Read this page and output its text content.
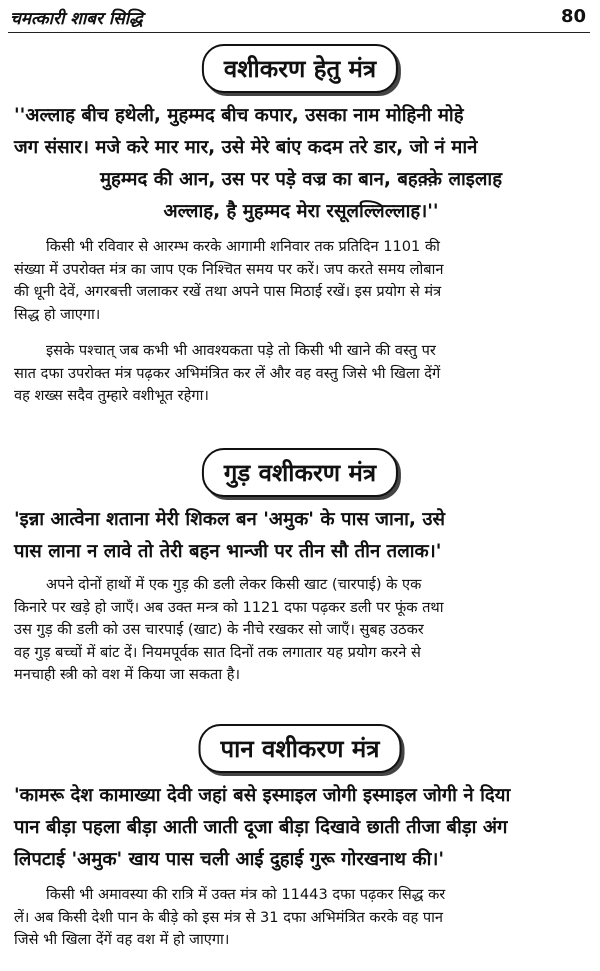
चमत्कारी शाबर सिद्धि	80
वशीकरण हेतु मंत्र
''अल्लाह बीच हथेली, मुहम्मद बीच कपार, उसका नाम मोहिनी मोहे
जग संसार। मजे करे मार मार, उसे मेरे बांए कदम तरे डार, जो नं माने
मुहम्मद की आन, उस पर पड़े वज्र का बान, बहक़्क़े लाइलाह
अल्लाह, है मुहम्मद मेरा रसूलल्लिल्लाह।''
किसी भी रविवार से आरम्भ करके आगामी शनिवार तक प्रतिदिन 1101 की
संख्या में उपरोक्त मंत्र का जाप एक निश्चित समय पर करें। जप करते समय लोबान
की धूनी देवें, अगरबत्ती जलाकर रखें तथा अपने पास मिठाई रखें। इस प्रयोग से मंत्र
सिद्ध हो जाएगा।
इसके पश्चात् जब कभी भी आवश्यकता पड़े तो किसी भी खाने की वस्तु पर
सात दफा उपरोक्त मंत्र पढ़कर अभिमंत्रित कर लें और वह वस्तु जिसे भी खिला देंगें
वह शख्स सदैव तुम्हारे वशीभूत रहेगा।
गुड़ वशीकरण मंत्र
'इन्ना आत्वेना शताना मेरी शिकल बन 'अमुक' के पास जाना, उसे
पास लाना न लावे तो तेरी बहन भान्जी पर तीन सौ तीन तलाक।'
अपने दोनों हाथों में एक गुड़ की डली लेकर किसी खाट (चारपाई) के एक
किनारे पर खड़े हो जाएँ। अब उक्त मन्त्र को 1121 दफा पढ़कर डली पर फूंक तथा
उस गुड़ की डली को उस चारपाई (खाट) के नीचे रखकर सो जाएँ। सुबह उठकर
वह गुड़ बच्चों में बांट दें। नियमपूर्वक सात दिनों तक लगातार यह प्रयोग करने से
मनचाही स्त्री को वश में किया जा सकता है।
पान वशीकरण मंत्र
'कामरू देश कामाख्या देवी जहां बसे इस्माइल जोगी इस्माइल जोगी ने दिया
पान बीड़ा पहला बीड़ा आती जाती दूजा बीड़ा दिखावे छाती तीजा बीड़ा अंग
लिपटाई 'अमुक' खाय पास चली आई दुहाई गुरू गोरखनाथ की।'
किसी भी अमावस्या की रात्रि में उक्त मंत्र को 11443 दफा पढ़कर सिद्ध कर
लें। अब किसी देशी पान के बीड़े को इस मंत्र से 31 दफा अभिमंत्रित करके वह पान
जिसे भी खिला देंगें वह वश में हो जाएगा।
